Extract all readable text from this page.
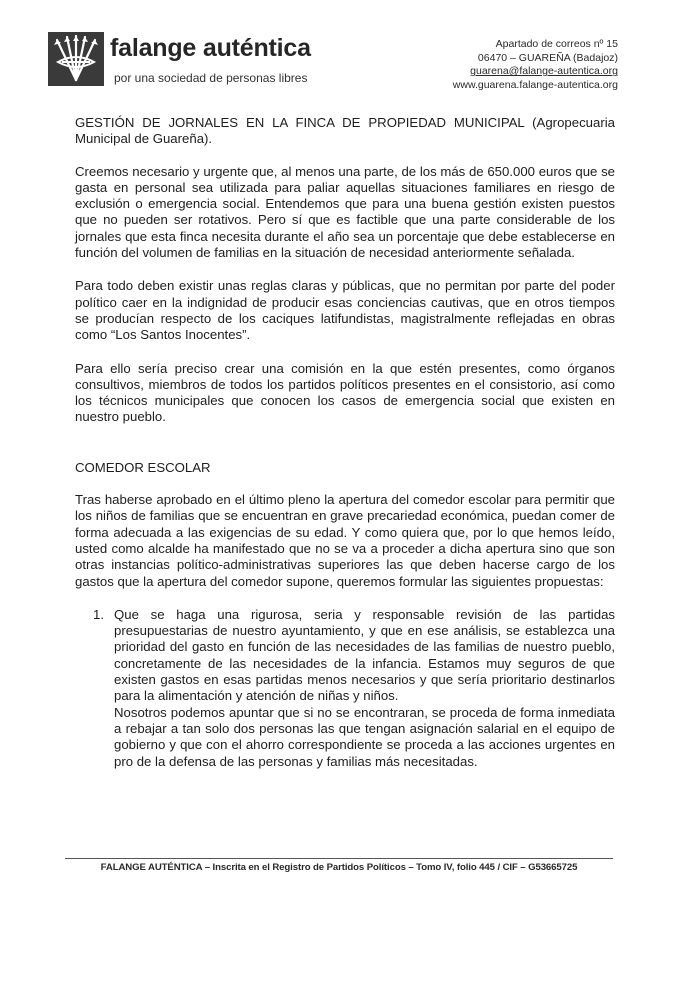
falange auténtica
por una sociedad de personas libres
Apartado de correos nº 15
06470 – GUAREÑA (Badajoz)
guarena@falange-autentica.org
www.guarena.falange-autentica.org

GESTIÓN DE JORNALES EN LA FINCA DE PROPIEDAD MUNICIPAL (Agropecuaria Municipal de Guareña).

Creemos necesario y urgente que, al menos una parte, de los más de 650.000 euros que se gasta en personal sea utilizada para paliar aquellas situaciones familiares en riesgo de exclusión o emergencia social. Entendemos que para una buena gestión existen puestos que no pueden ser rotativos. Pero sí que es factible que una parte considerable de los jornales que esta finca necesita durante el año sea un porcentaje que debe establecerse en función del volumen de familias en la situación de necesidad anteriormente señalada.

Para todo deben existir unas reglas claras y públicas, que no permitan por parte del poder político caer en la indignidad de producir esas conciencias cautivas, que en otros tiempos se producían respecto de los caciques latifundistas, magistralmente reflejadas en obras como “Los Santos Inocentes”.

Para ello sería preciso crear una comisión en la que estén presentes, como órganos consultivos, miembros de todos los partidos políticos presentes en el consistorio, así como los técnicos municipales que conocen los casos de emergencia social que existen en nuestro pueblo.

COMEDOR ESCOLAR

Tras haberse aprobado en el último pleno la apertura del comedor escolar para permitir que los niños de familias que se encuentran en grave precariedad económica, puedan comer de forma adecuada a las exigencias de su edad. Y como quiera que, por lo que hemos leído, usted como alcalde ha manifestado que no se va a proceder a dicha apertura sino que son otras instancias político-administrativas superiores las que deben hacerse cargo de los gastos que la apertura del comedor supone, queremos formular las siguientes propuestas:

1. Que se haga una rigurosa, seria y responsable revisión de las partidas presupuestarias de nuestro ayuntamiento, y que en ese análisis, se establezca una prioridad del gasto en función de las necesidades de las familias de nuestro pueblo, concretamente de las necesidades de la infancia. Estamos muy seguros de que existen gastos en esas partidas menos necesarios y que sería prioritario destinarlos para la alimentación y atención de niñas y niños.

Nosotros podemos apuntar que si no se encontraran, se proceda de forma inmediata a rebajar a tan solo dos personas las que tengan asignación salarial en el equipo de gobierno y que con el ahorro correspondiente se proceda a las acciones urgentes en pro de la defensa de las personas y familias más necesitadas.

FALANGE AUTÉNTICA – Inscrita en el Registro de Partidos Políticos – Tomo IV, folio 445 / CIF – G53665725
